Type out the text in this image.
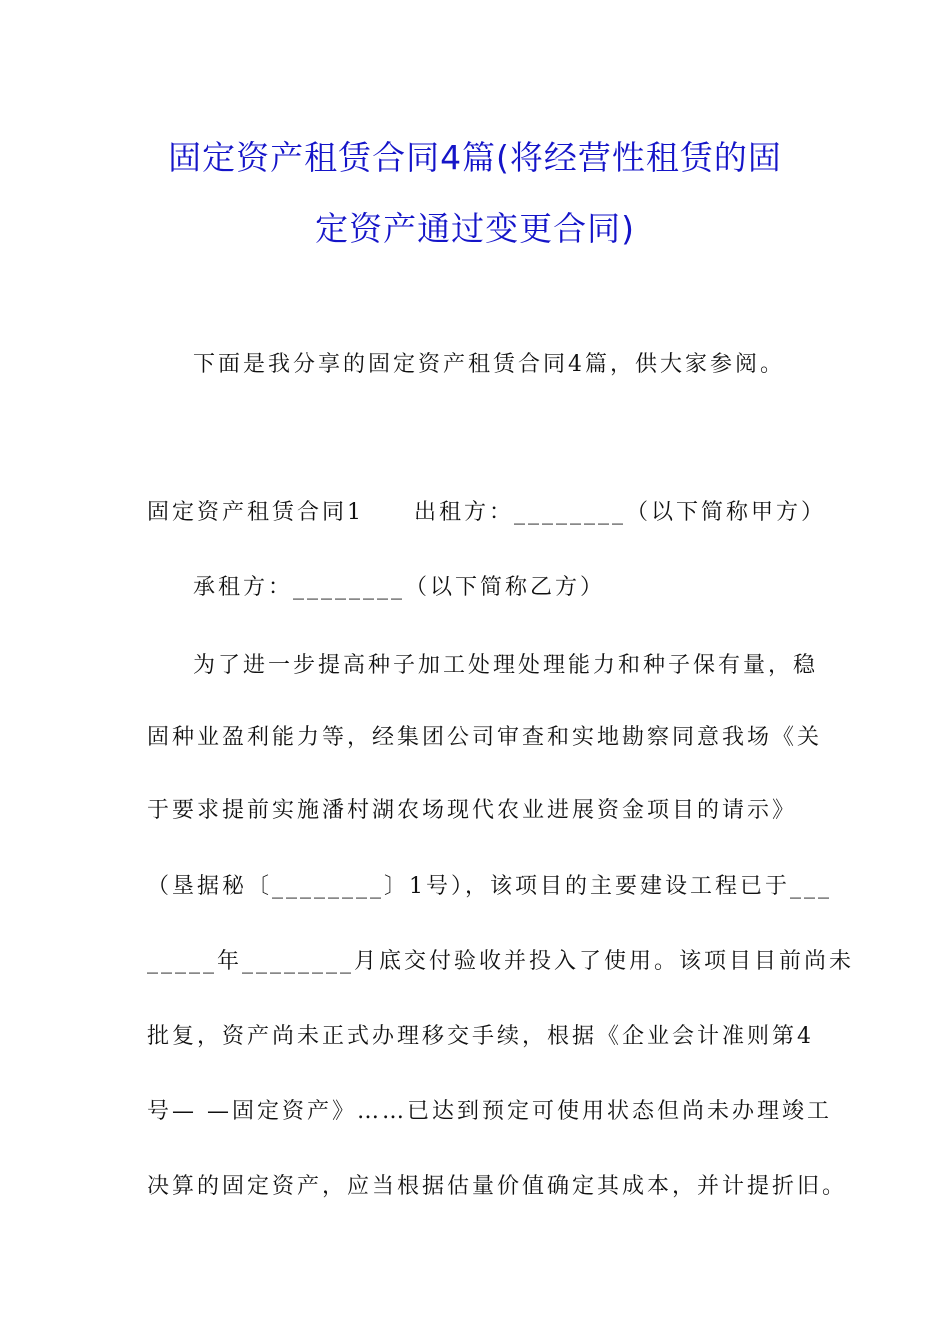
固定资产租赁合同4篇(将经营性租赁的固
定资产通过变更合同)
下面是我分享的固定资产租赁合同4篇，供大家参阅。
固定资产租赁合同1　　出租方：________（以下简称甲方）
承租方：________（以下简称乙方）
为了进一步提高种子加工处理处理能力和种子保有量，稳
固种业盈利能力等，经集团公司审查和实地勘察同意我场《关
于要求提前实施潘村湖农场现代农业进展资金项目的请示》
（垦据秘〔________〕1号），该项目的主要建设工程已于___
_____年________月底交付验收并投入了使用。该项目目前尚未
批复，资产尚未正式办理移交手续，根据《企业会计准则第4
号— —固定资产》……已达到预定可使用状态但尚未办理竣工
决算的固定资产，应当根据估量价值确定其成本，并计提折旧。
